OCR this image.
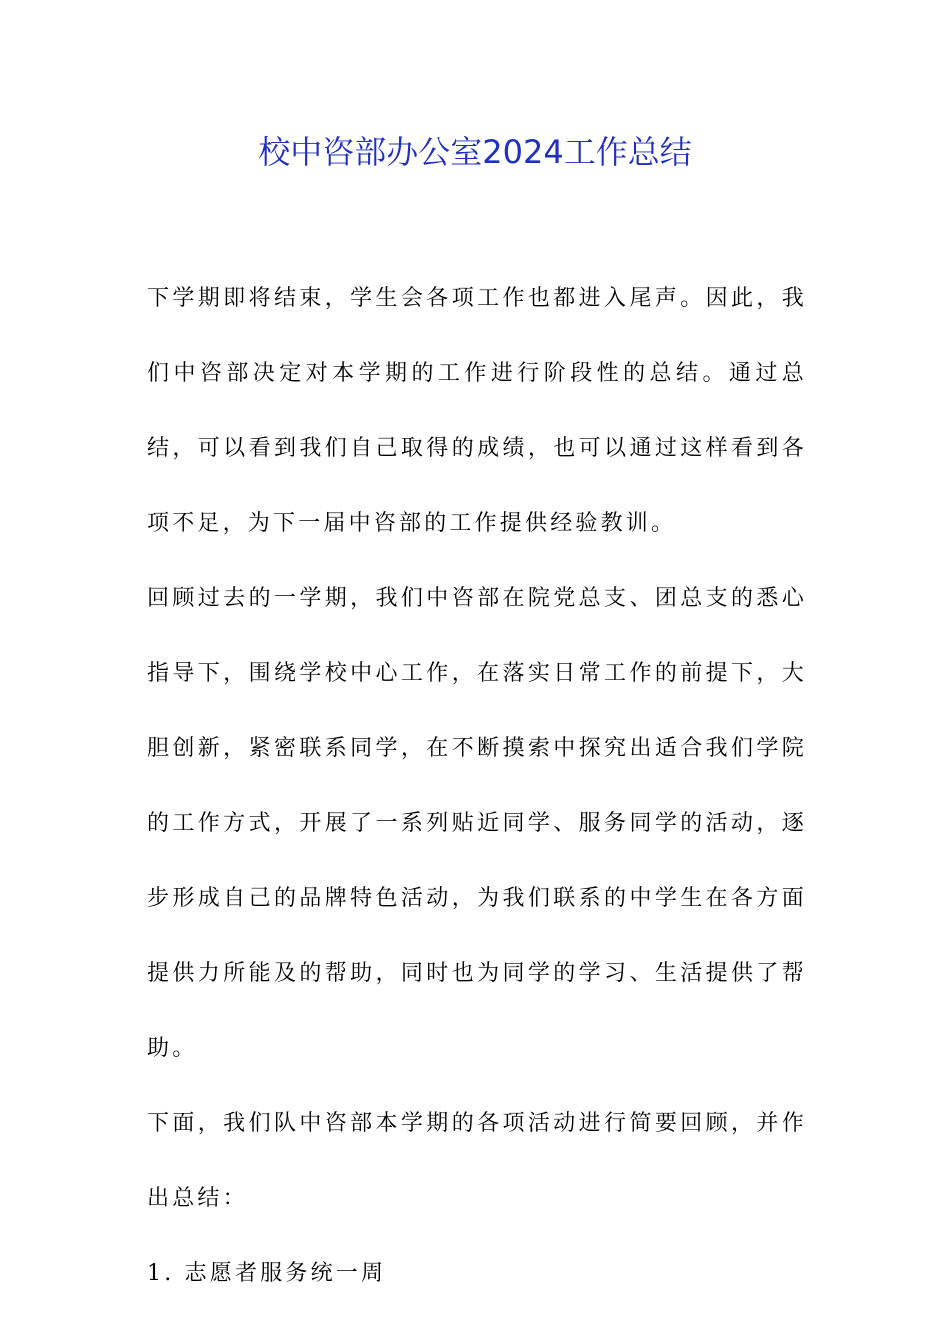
校中咨部办公室2024工作总结

下学期即将结束，学生会各项工作也都进入尾声。因此，我们中咨部决定对本学期的工作进行阶段性的总结。通过总结，可以看到我们自己取得的成绩，也可以通过这样看到各项不足，为下一届中咨部的工作提供经验教训。

回顾过去的一学期，我们中咨部在院党总支、团总支的悉心指导下，围绕学校中心工作，在落实日常工作的前提下，大胆创新，紧密联系同学，在不断摸索中探究出适合我们学院的工作方式，开展了一系列贴近同学、服务同学的活动，逐步形成自己的品牌特色活动，为我们联系的中学生在各方面提供力所能及的帮助，同时也为同学的学习、生活提供了帮助。

下面，我们队中咨部本学期的各项活动进行简要回顾，并作出总结：

1. 志愿者服务统一周
